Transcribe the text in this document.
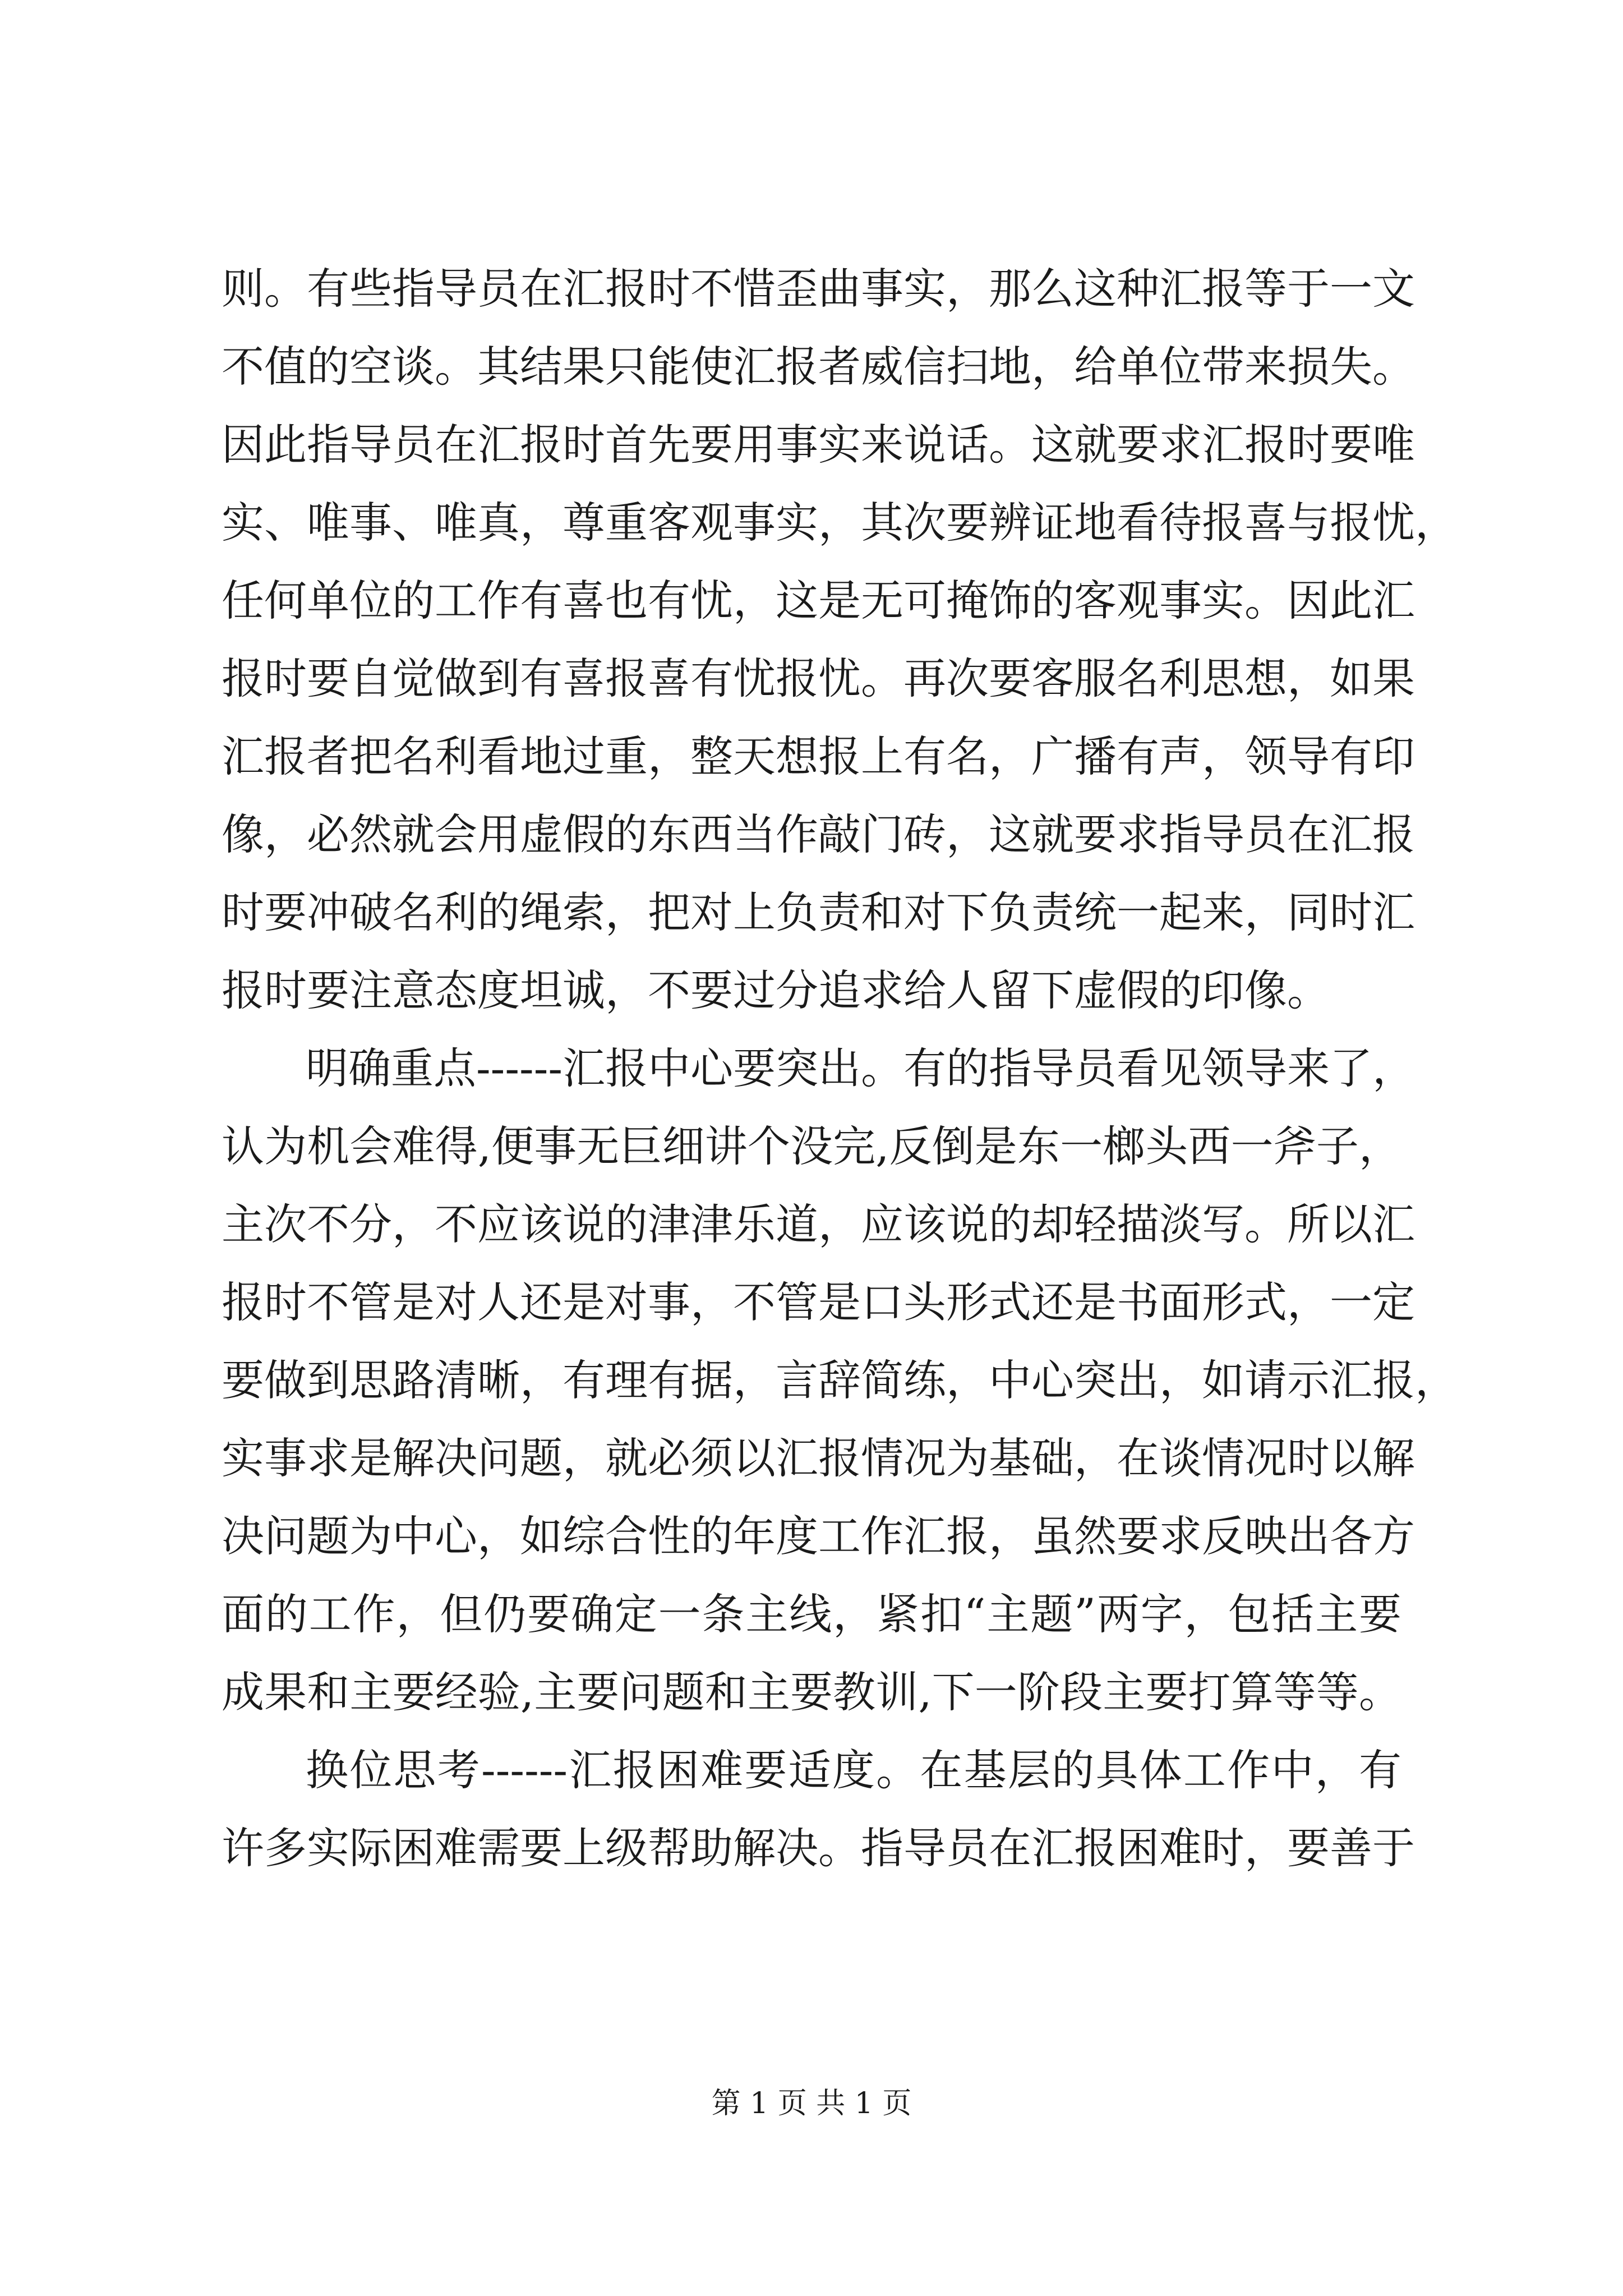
则。有些指导员在汇报时不惜歪曲事实，那么这种汇报等于一文
不值的空谈。其结果只能使汇报者威信扫地，给单位带来损失。
因此指导员在汇报时首先要用事实来说话。这就要求汇报时要唯
实、唯事、唯真，尊重客观事实，其次要辨证地看待报喜与报忧，
任何单位的工作有喜也有忧，这是无可掩饰的客观事实。因此汇
报时要自觉做到有喜报喜有忧报忧。再次要客服名利思想，如果
汇报者把名利看地过重，整天想报上有名，广播有声，领导有印
像，必然就会用虚假的东西当作敲门砖，这就要求指导员在汇报
时要冲破名利的绳索，把对上负责和对下负责统一起来，同时汇
报时要注意态度坦诚，不要过分追求给人留下虚假的印像。
明确重点------汇报中心要突出。有的指导员看见领导来了，
认为机会难得,便事无巨细讲个没完,反倒是东一榔头西一斧子，
主次不分，不应该说的津津乐道，应该说的却轻描淡写。所以汇
报时不管是对人还是对事，不管是口头形式还是书面形式，一定
要做到思路清晰，有理有据，言辞简练，中心突出，如请示汇报，
实事求是解决问题，就必须以汇报情况为基础，在谈情况时以解
决问题为中心，如综合性的年度工作汇报，虽然要求反映出各方
面的工作，但仍要确定一条主线，紧扣“主题”两字，包括主要
成果和主要经验,主要问题和主要教训,下一阶段主要打算等等。
换位思考------汇报困难要适度。在基层的具体工作中，有
许多实际困难需要上级帮助解决。指导员在汇报困难时，要善于
第 1 页 共 1 页
